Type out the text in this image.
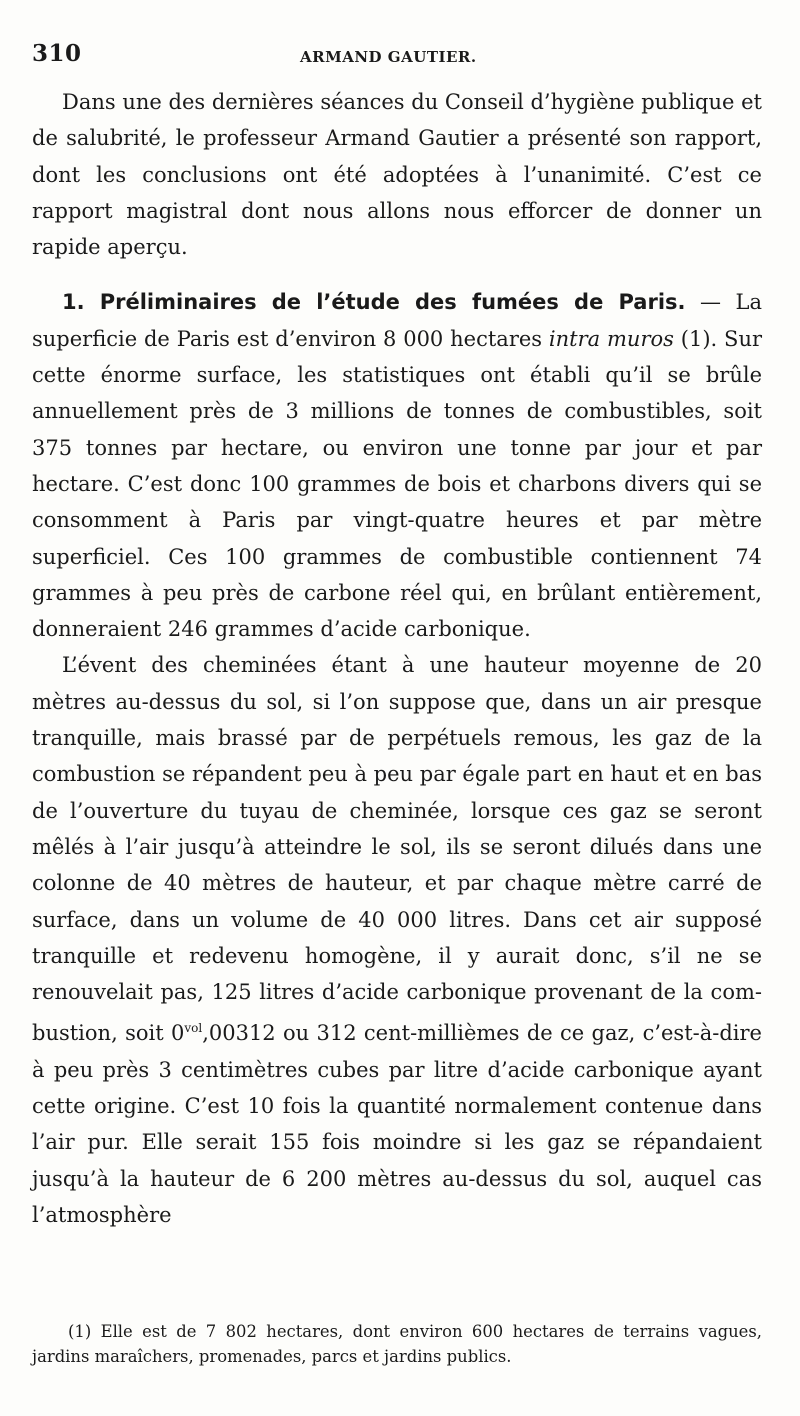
310	ARMAND GAUTIER.

Dans une des dernières séances du Conseil d’hygiène publique et de salubrité, le professeur Armand Gautier a présenté son rapport, dont les conclusions ont été adoptées à l’unanimité. C’est ce rapport magistral dont nous allons nous efforcer de donner un rapide aperçu.

1. Préliminaires de l’étude des fumées de Paris. — La superficie de Paris est d’environ 8 000 hectares intra muros (1). Sur cette énorme surface, les statistiques ont établi qu’il se brûle annuellement près de 3 millions de tonnes de combustibles, soit 375 tonnes par hectare, ou environ une tonne par jour et par hectare. C’est donc 100 grammes de bois et charbons divers qui se consomment à Paris par vingt-quatre heures et par mètre superficiel. Ces 100 grammes de combustible contiennent 74 grammes à peu près de carbone réel qui, en brûlant entièrement, donneraient 246 grammes d’acide carbonique.

L’évent des cheminées étant à une hauteur moyenne de 20 mètres au-dessus du sol, si l’on suppose que, dans un air presque tranquille, mais brassé par de perpétuels remous, les gaz de la combustion se répandent peu à peu par égale part en haut et en bas de l’ouverture du tuyau de cheminée, lorsque ces gaz se seront mêlés à l’air jusqu’à atteindre le sol, ils se seront dilués dans une colonne de 40 mètres de hauteur, et par chaque mètre carré de surface, dans un volume de 40 000 litres. Dans cet air supposé tranquille et redevenu homogène, il y aurait donc, s’il ne se renouvelait pas, 125 litres d’acide carbonique provenant de la combustion, soit $0^{vol},00312$ ou 312 cent-millièmes de ce gaz, c’est-à-dire à peu près 3 centimètres cubes par litre d’acide carbonique ayant cette origine. C’est 10 fois la quantité normalement contenue dans l’air pur. Elle serait 155 fois moindre si les gaz se répandaient jusqu’à la hauteur de 6 200 mètres au-dessus du sol, auquel cas l’atmosphère

(1) Elle est de 7 802 hectares, dont environ 600 hectares de terrains vagues, jardins maraîchers, promenades, parcs et jardins publics.
